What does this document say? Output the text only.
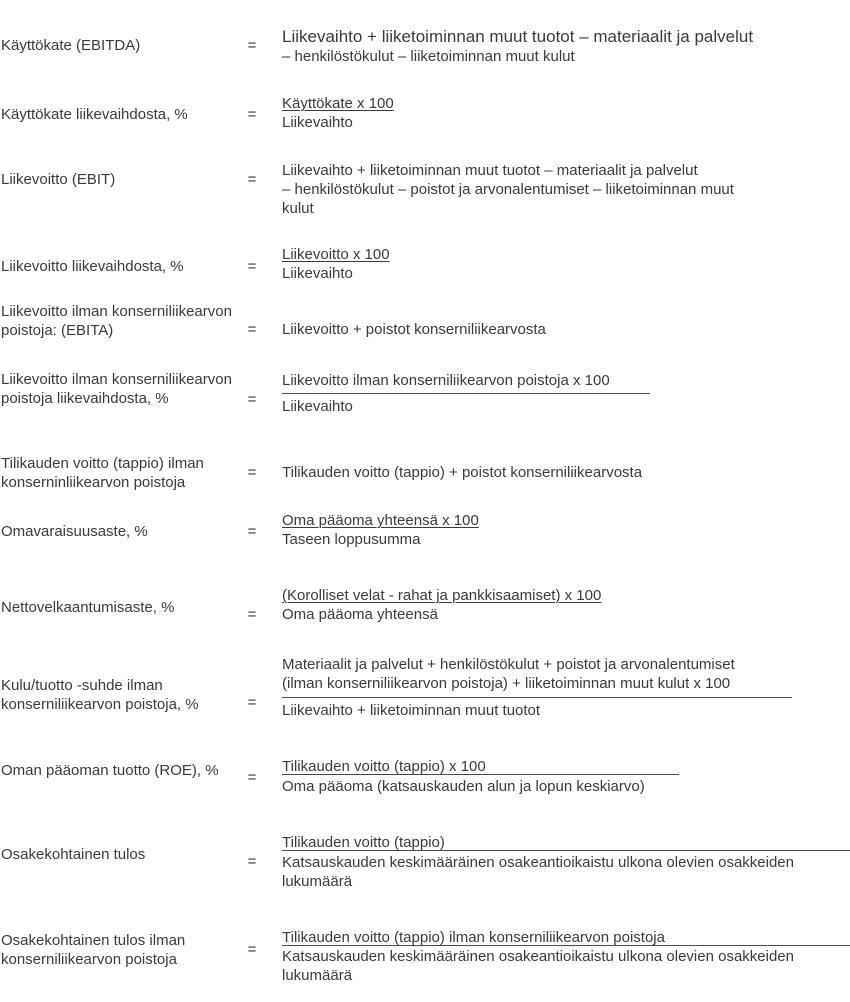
Käyttökate (EBITDA)	= Liikevaihto + liiketoiminnan muut tuotot – materiaalit ja palvelut
– henkilöstökulut – liiketoiminnan muut kulut
Käyttökate liikevaihdosta, %	=
Käyttökate x 100
Liikevaihto
Liikevoitto (EBIT)	=
Liikevaihto + liiketoiminnan muut tuotot – materiaalit ja palvelut
– henkilöstökulut – poistot ja arvonalentumiset – liiketoiminnan muut
kulut
Liikevoitto liikevaihdosta, %	=
Liikevoitto x 100
Liikevaihto
Liikevoitto ilman konserniliikearvon poistoja: (EBITA)	= Liikevoitto + poistot konserniliikearvosta
Liikevoitto ilman konserniliikearvon poistoja liikevaihdosta, %	=
Liikevoitto ilman konserniliikearvon poistoja x 100
Liikevaihto
Tilikauden voitto (tappio) ilman konserninliikearvon poistoja
= Tilikauden voitto (tappio) + poistot konserniliikearvosta
Omavaraisuusaste, %	=
Oma pääoma yhteensä x 100
Taseen loppusumma
Nettovelkaantumisaste, %	=
(Korolliset velat - rahat ja pankkisaamiset) x 100
Oma pääoma yhteensä
Kulu/tuotto -suhde ilman konserniliikearvon poistoja, %	=
Materiaalit ja palvelut + henkilöstökulut + poistot ja arvonalentumiset
(ilman konserniliikearvon poistoja) + liiketoiminnan muut kulut x 100
Liikevaihto + liiketoiminnan muut tuotot
Oman pääoman tuotto (ROE), %	=
Tilikauden voitto (tappio) x 100
Oma pääoma (katsauskauden alun ja lopun keskiarvo)
Osakekohtainen tulos	=
Tilikauden voitto (tappio)
Katsauskauden keskimääräinen osakeantioikaistu ulkona olevien osakkeiden lukumäärä
Osakekohtainen tulos ilman konserniliikearvon poistoja
=
Tilikauden voitto (tappio) ilman konserniliikearvon poistoja
Katsauskauden keskimääräinen osakeantioikaistu ulkona olevien osakkeiden lukumäärä
